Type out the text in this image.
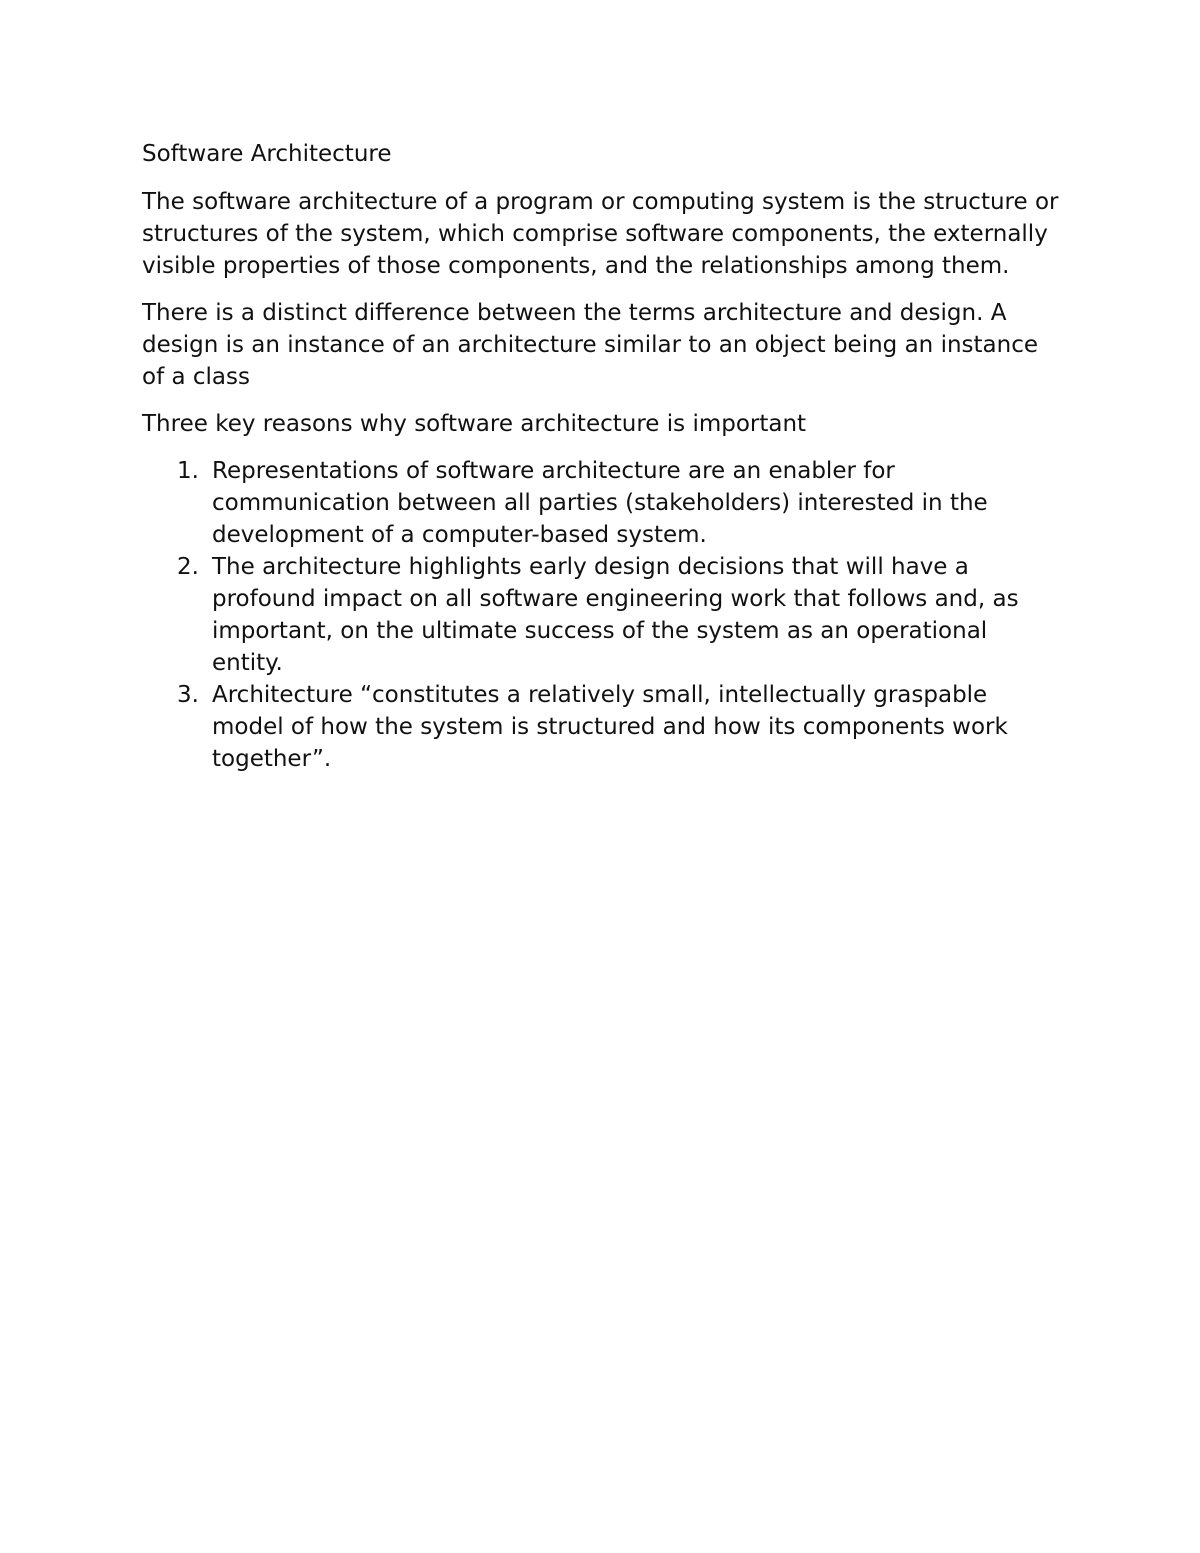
Software Architecture

The software architecture of a program or computing system is the structure or structures of the system, which comprise software components, the externally visible properties of those components, and the relationships among them.

There is a distinct difference between the terms architecture and design. A design is an instance of an architecture similar to an object being an instance of a class

Three key reasons why software architecture is important

1. Representations of software architecture are an enabler for communication between all parties (stakeholders) interested in the development of a computer-based system.
2. The architecture highlights early design decisions that will have a profound impact on all software engineering work that follows and, as important, on the ultimate success of the system as an operational entity.
3. Architecture “constitutes a relatively small, intellectually graspable model of how the system is structured and how its components work together”.
